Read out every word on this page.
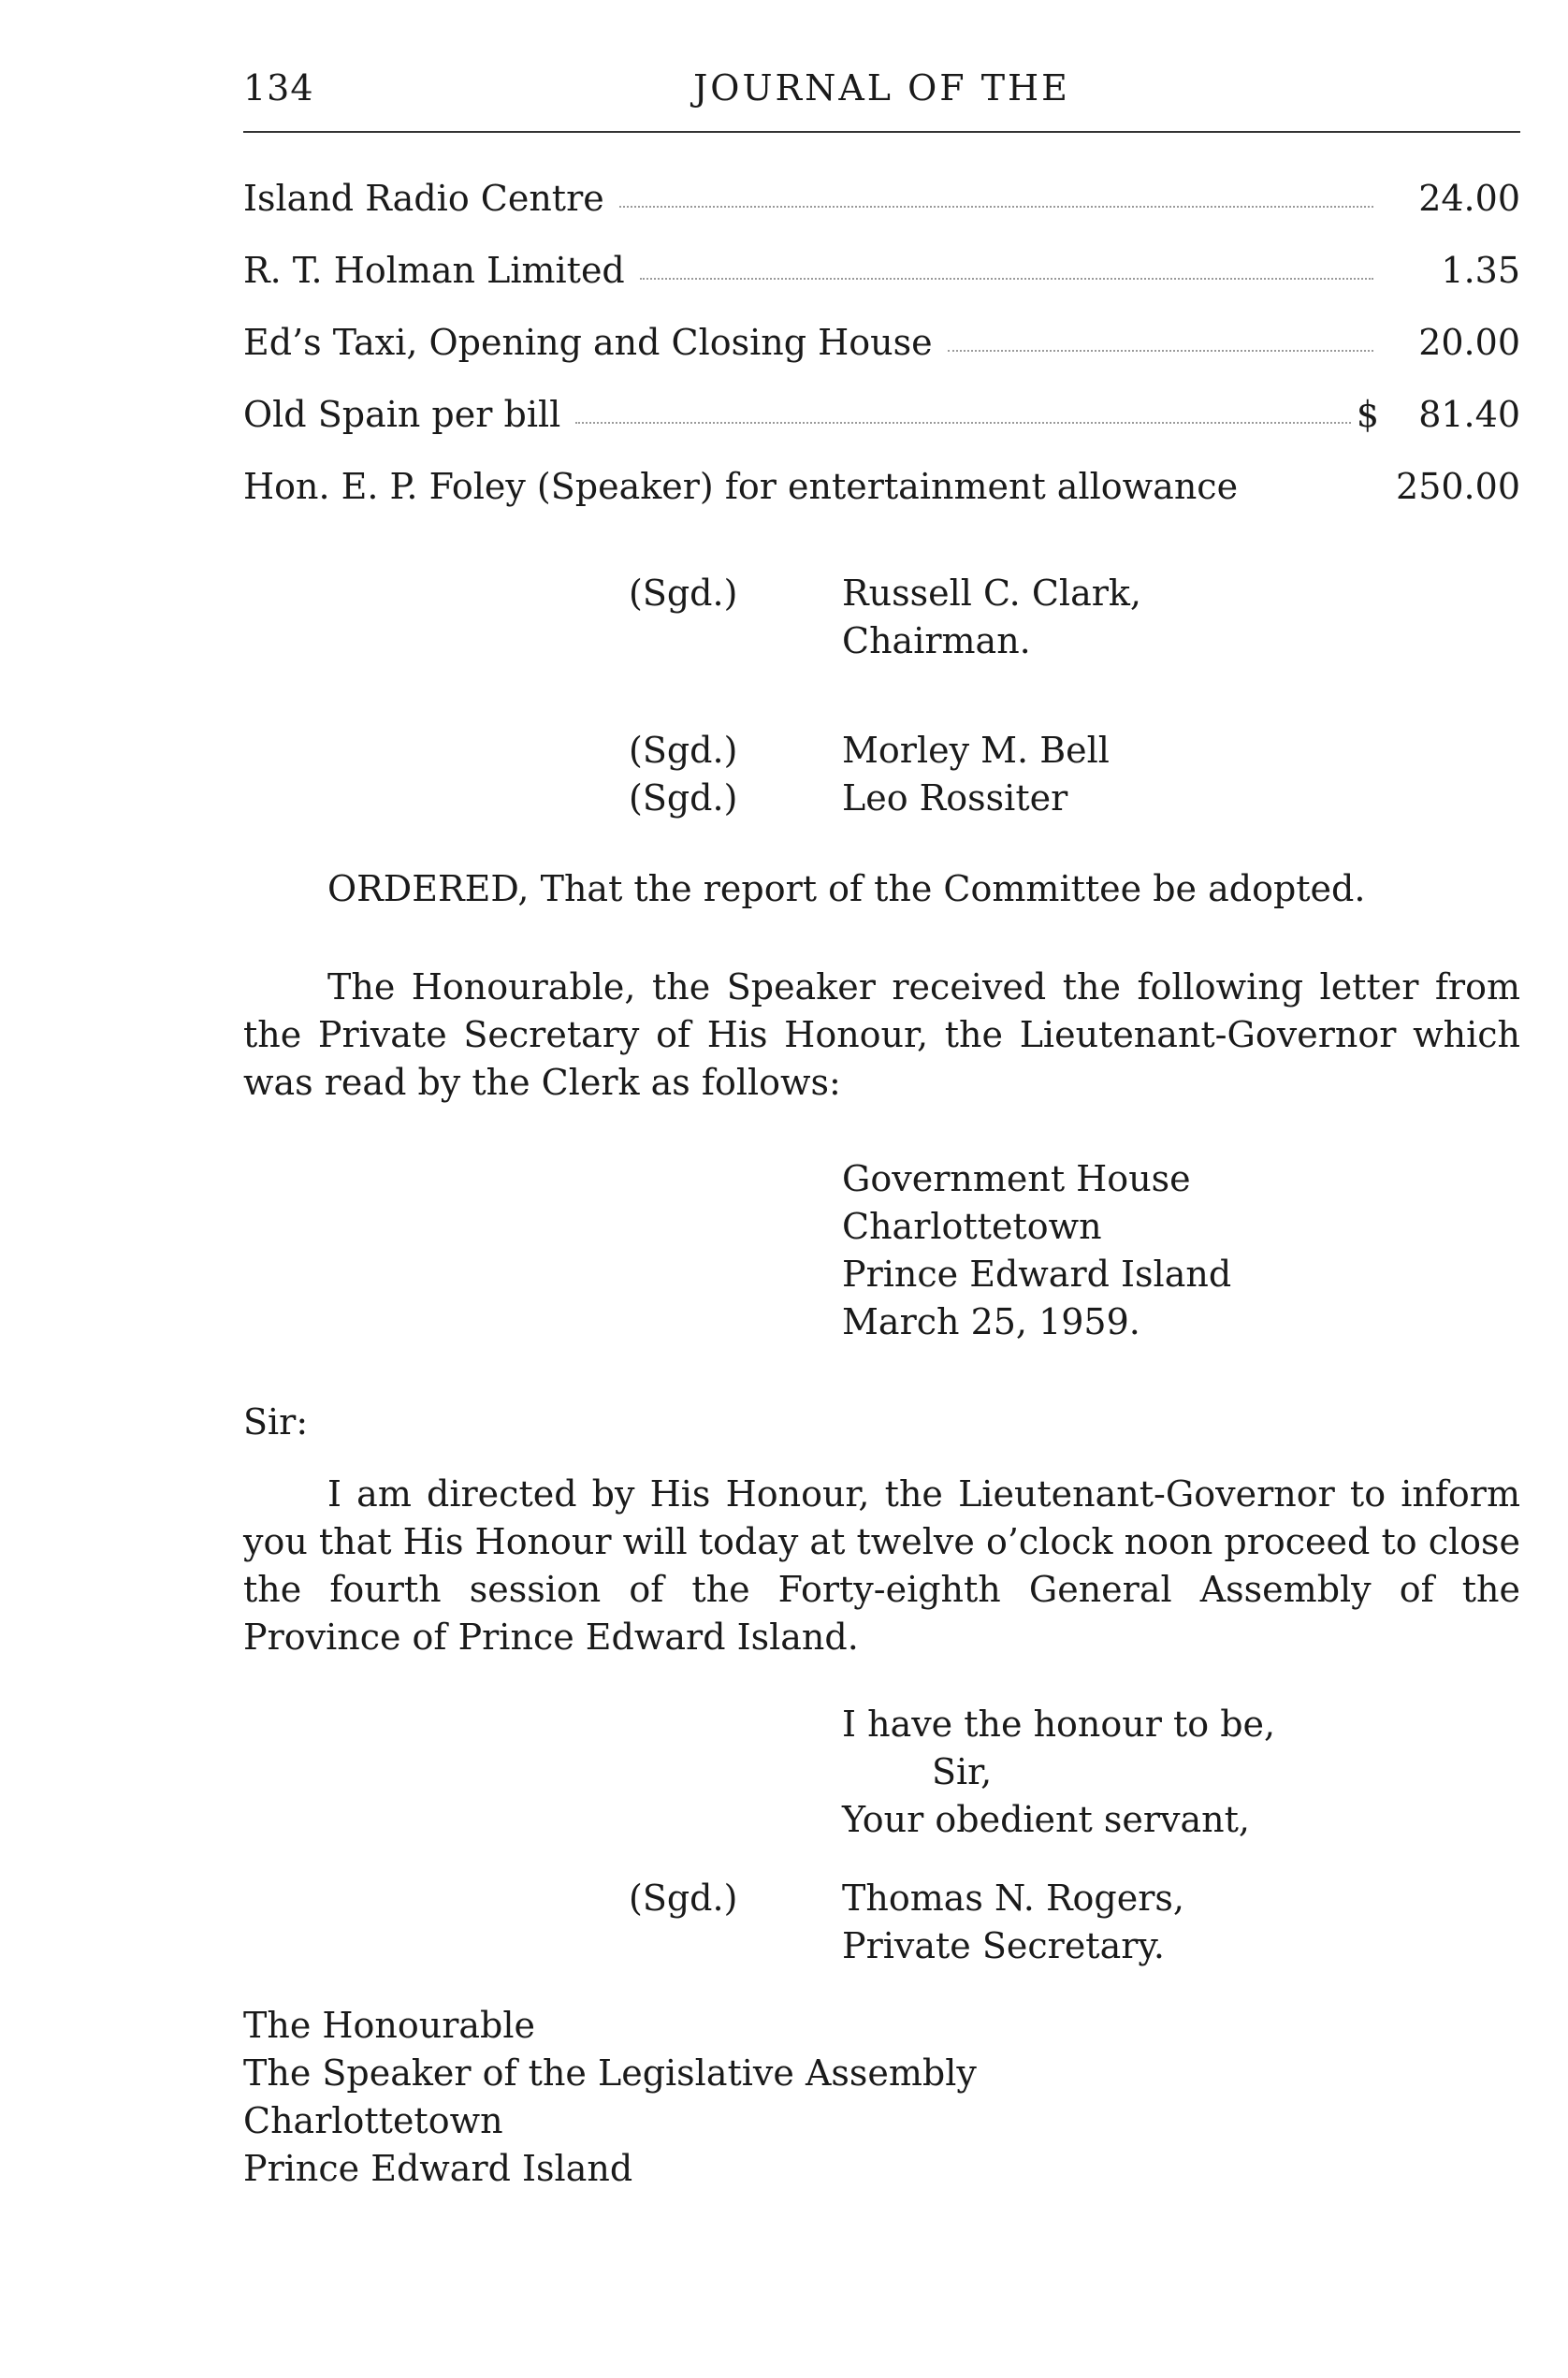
134	JOURNAL OF THE
Island Radio Centre	24.00
R. T. Holman Limited	1.35
Ed’s Taxi, Opening and Closing House	20.00
Old Spain per bill	$	81.40
Hon. E. P. Foley (Speaker) for entertainment allowance	250.00
(Sgd.)	Russell C. Clark,
Chairman.
(Sgd.)	Morley M. Bell
(Sgd.)	Leo Rossiter
ORDERED, That the report of the Committee be adopted.
The Honourable, the Speaker received the following letter from the Private Secretary of His Honour, the Lieutenant-Governor which was read by the Clerk as follows:
Government House
Charlottetown
Prince Edward Island
March 25, 1959.
Sir:
I am directed by His Honour, the Lieutenant-Governor to inform you that His Honour will today at twelve o’clock noon proceed to close the fourth session of the Forty-eighth General Assembly of the Province of Prince Edward Island.
I have the honour to be,
Sir,
Your obedient servant,
(Sgd.)	Thomas N. Rogers,
Private Secretary.
The Honourable
The Speaker of the Legislative Assembly
Charlottetown
Prince Edward Island
